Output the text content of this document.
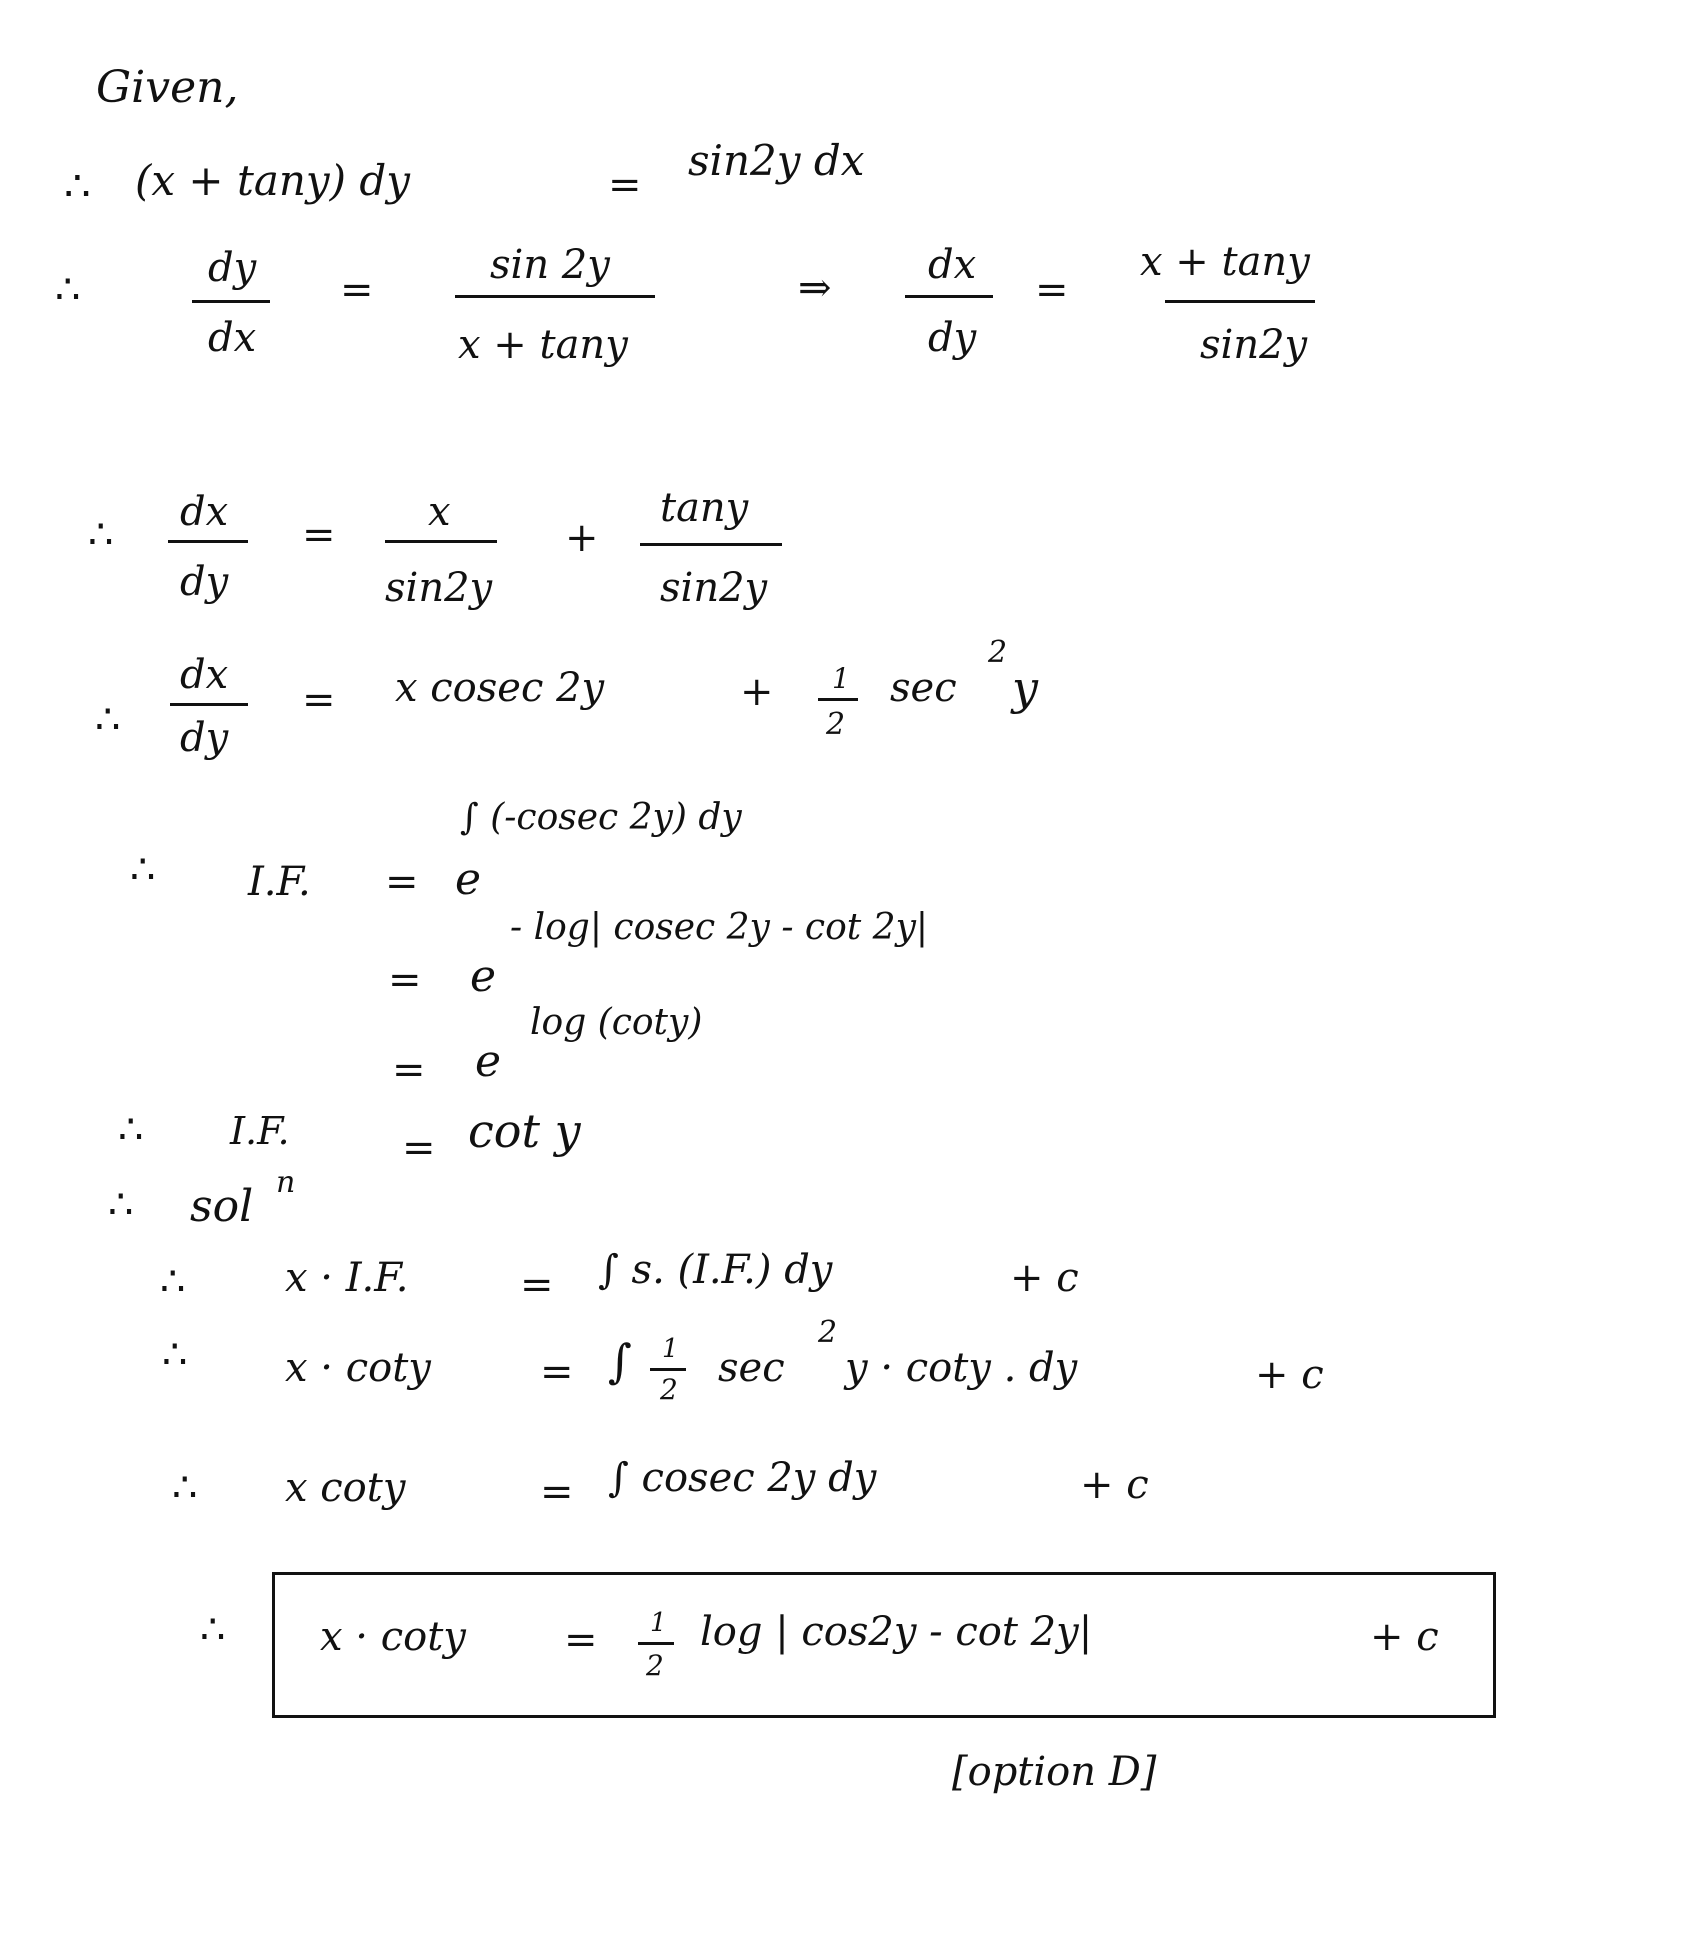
Given,
∴ (x + tany) dy	= sin2y dx
∴	dy
dx
=
sin 2y
x + tany
⇒ dx
dy
=
x + tany
sin2y
∴ dx
dy
= x
sin2y
+
tany
sin2y
∴
dx
dy
= x cosec 2y	+ 1
2
sec
2
y
∴ I.F. = e
∫ (-cosec 2y) dy
= e
- log| cosec 2y - cot 2y|
= e
log (coty)
∴ I.F.	= cot y
∴ sol n
∴ x · I.F.	= ∫ s. (I.F.) dy	+ c
∴ x · coty	= ∫ 1
2 sec
2
y · coty . dy	+ c
∴ x coty	= ∫ cosec 2y dy	+ c
∴ x · coty = 1
2
log | cos2y - cot 2y|	+ c
[option D]
